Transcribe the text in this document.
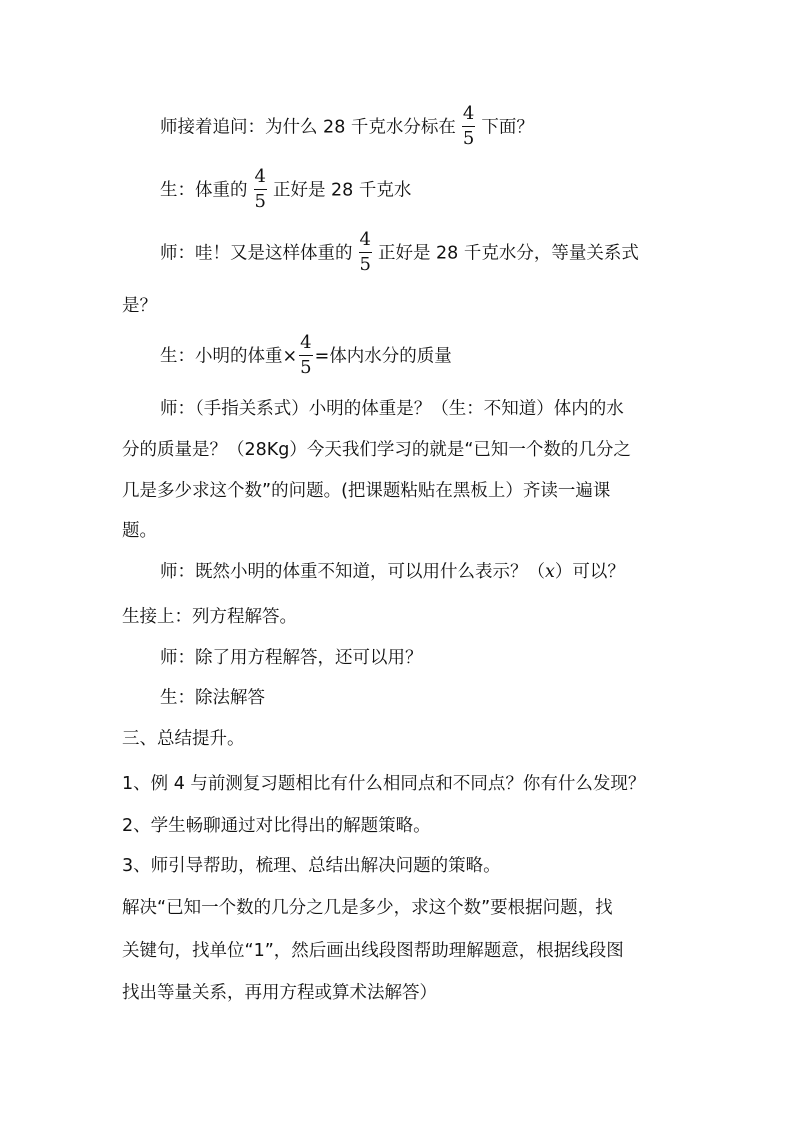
师接着追问：为什么 28 千克水分标在 $\frac{4}{5}$ 下面？
生：体重的 $\frac{4}{5}$ 正好是 28 千克水
师：哇！又是这样体重的 $\frac{4}{5}$ 正好是 28 千克水分，等量关系式
是？
生：小明的体重× $\frac{4}{5}$ =体内水分的质量
师：（手指关系式）小明的体重是？（生：不知道）体内的水
分的质量是？（28Kg）今天我们学习的就是“已知一个数的几分之
几是多少求这个数”的问题。(把课题粘贴在黑板上）齐读一遍课
题。
师：既然小明的体重不知道，可以用什么表示？（x）可以？
生接上：列方程解答。
师：除了用方程解答，还可以用？
生：除法解答
三、总结提升。
1、例 4 与前测复习题相比有什么相同点和不同点？你有什么发现？
2、学生畅聊通过对比得出的解题策略。
3、师引导帮助，梳理、总结出解决问题的策略。
解决“已知一个数的几分之几是多少，求这个数”要根据问题，找
关键句，找单位“1”，然后画出线段图帮助理解题意，根据线段图
找出等量关系，再用方程或算术法解答）
